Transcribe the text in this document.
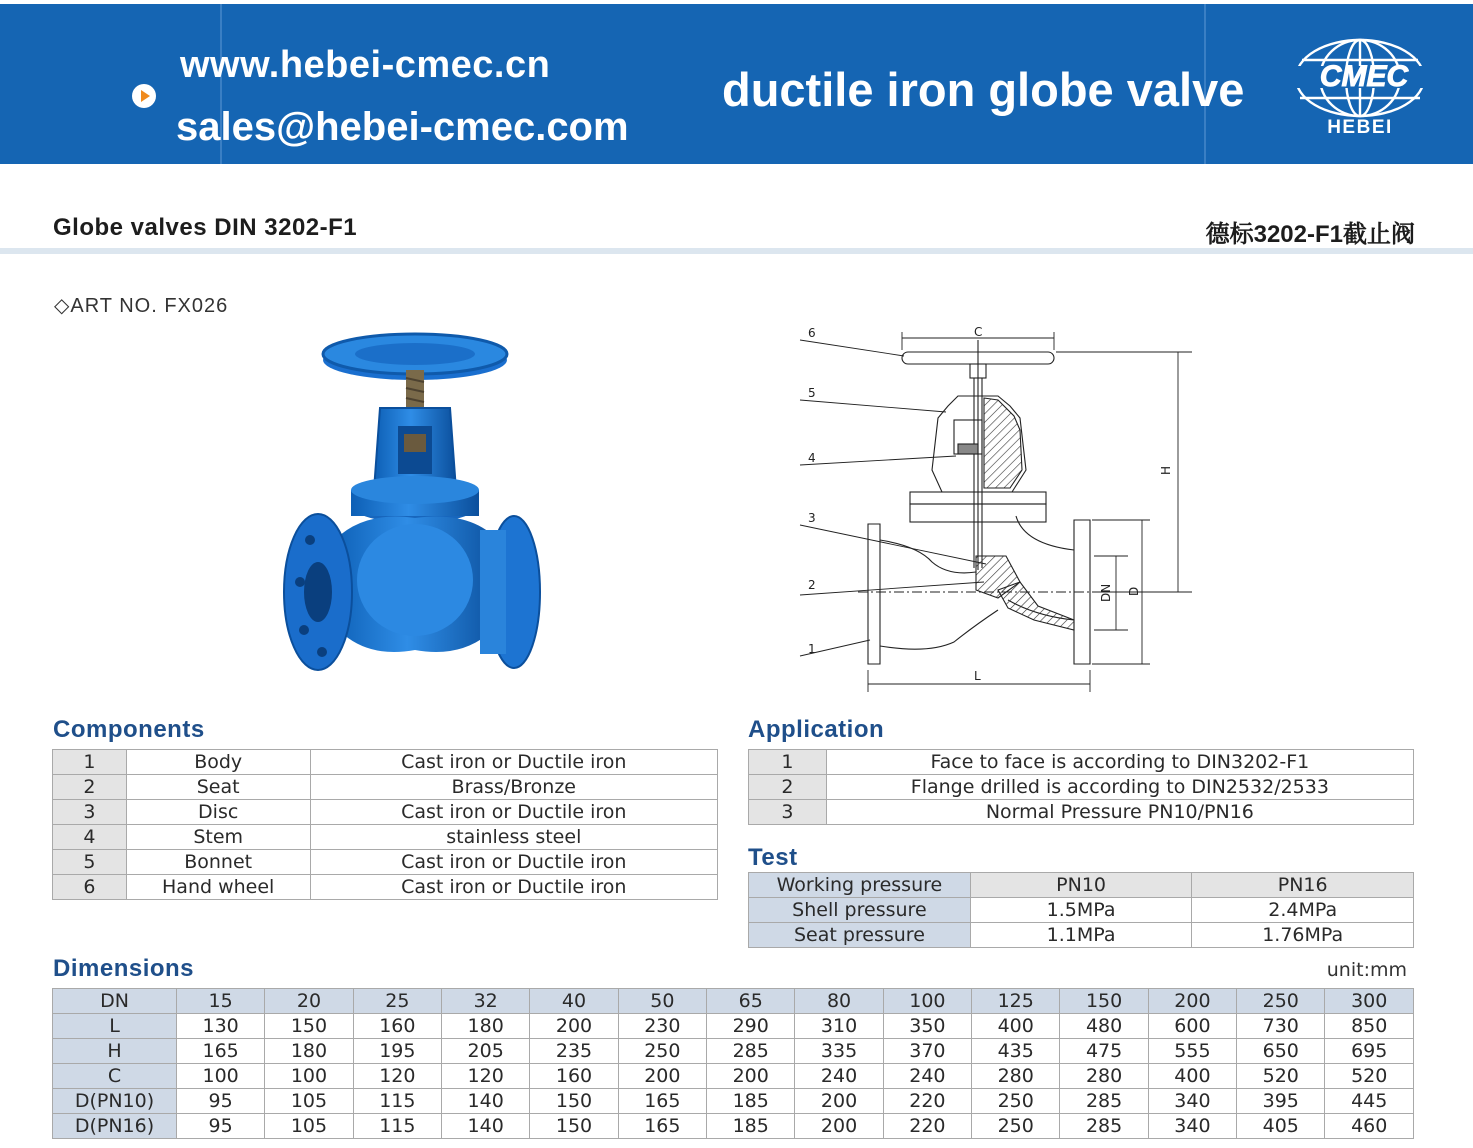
www.hebei-cmec.cn
sales@hebei-cmec.com
ductile iron globe valve	CMEC
HEBEI
Globe valves DIN 3202-F1	德标3202-F1截止阀
◇ART NO. FX026
6
5
4
3
2
1
C
L
H
DN D
Components
1	Body	Cast iron or Ductile iron
2	Seat	Brass/Bronze
3	Disc	Cast iron or Ductile iron
4	Stem	stainless steel
5	Bonnet	Cast iron or Ductile iron
6	Hand wheel	Cast iron or Ductile iron
Application
1	Face to face is according to DIN3202-F1
2	Flange drilled is according to DIN2532/2533
3	Normal Pressure PN10/PN16
Test
Working pressure	PN10	PN16
Shell pressure	1.5MPa	2.4MPa
Seat pressure	1.1MPa	1.76MPa
Dimensions	unit:mm
DN	15	20	25	32	40	50	65	80	100	125	150	200	250	300
L	130	150	160	180	200	230	290	310	350	400	480	600	730	850
H	165	180	195	205	235	250	285	335	370	435	475	555	650	695
C	100	100	120	120	160	200	200	240	240	280	280	400	520	520
D(PN10)	95	105	115	140	150	165	185	200	220	250	285	340	395	445
D(PN16)	95	105	115	140	150	165	185	200	220	250	285	340	405	460
